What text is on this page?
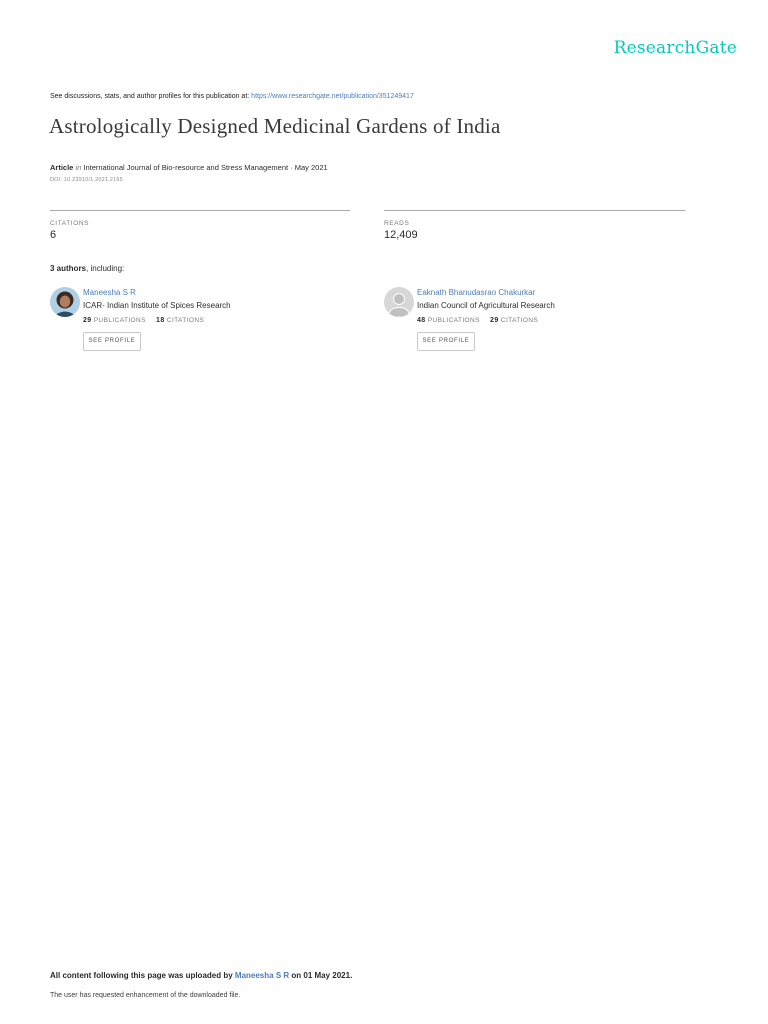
ResearchGate
See discussions, stats, and author profiles for this publication at: https://www.researchgate.net/publication/351249417
Astrologically Designed Medicinal Gardens of India
Article in International Journal of Bio-resource and Stress Management · May 2021
DOI: 10.23910/1.2021.2165
CITATIONS
6
READS
12,409
3 authors, including:
Maneesha S R
ICAR- Indian Institute of Spices Research
29 PUBLICATIONS 18 CITATIONS
SEE PROFILE
Eaknath Bhanudasrao Chakurkar
Indian Council of Agricultural Research
48 PUBLICATIONS 29 CITATIONS
SEE PROFILE
All content following this page was uploaded by Maneesha S R on 01 May 2021.
The user has requested enhancement of the downloaded file.
